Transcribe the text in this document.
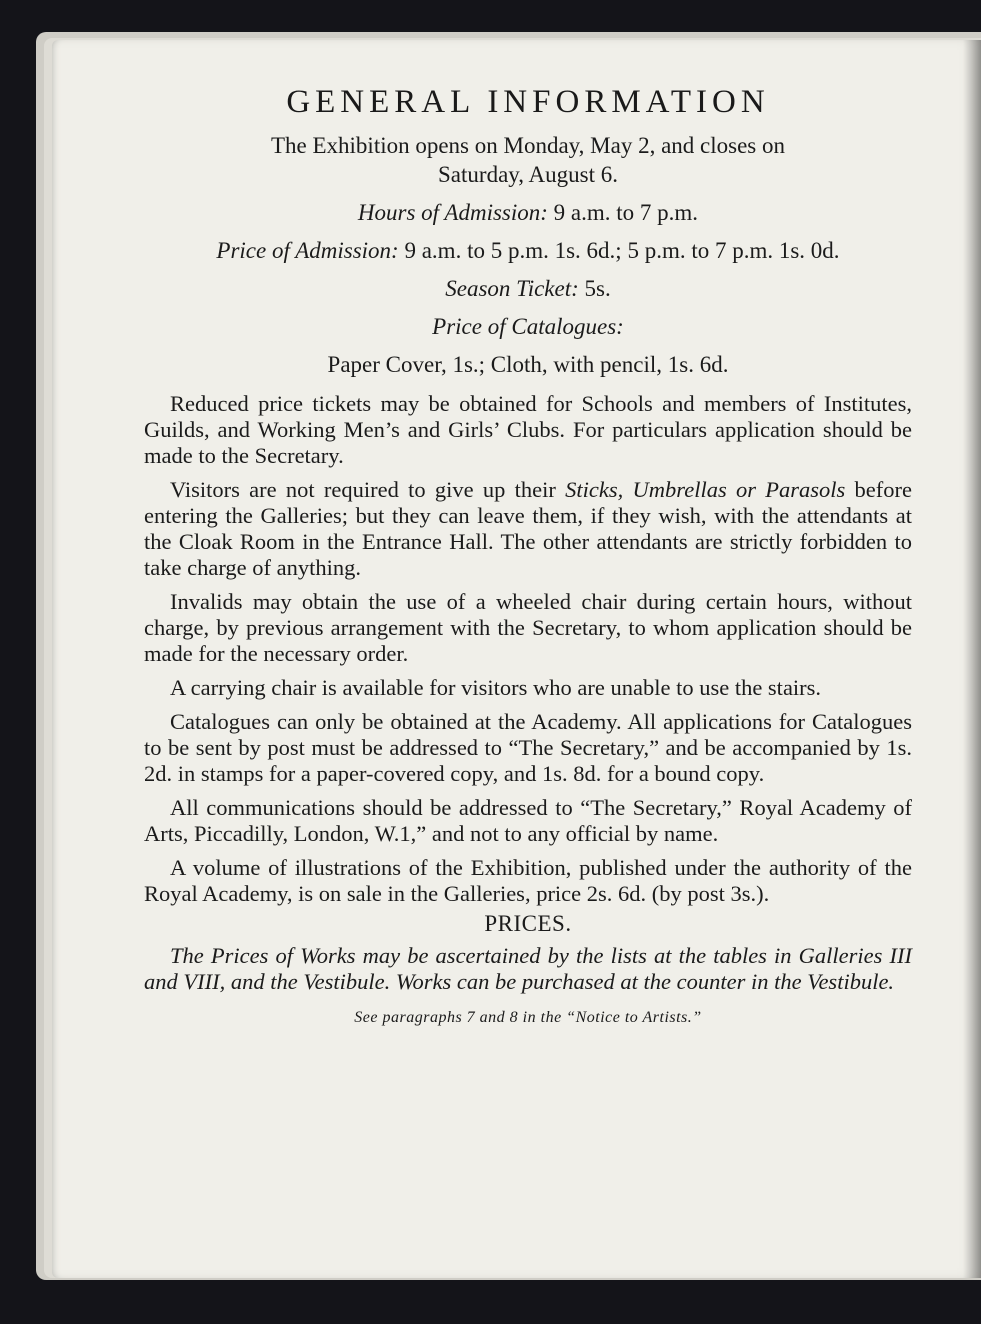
GENERAL INFORMATION
The Exhibition opens on Monday, May 2, and closes on
Saturday, August 6.
Hours of Admission: 9 a.m. to 7 p.m.
Price of Admission: 9 a.m. to 5 p.m. 1s. 6d.; 5 p.m. to 7 p.m. 1s. 0d.
Season Ticket: 5s.
Price of Catalogues:
Paper Cover, 1s.; Cloth, with pencil, 1s. 6d.

Reduced price tickets may be obtained for Schools and members of Institutes, Guilds, and Working Men’s and Girls’ Clubs. For particulars application should be made to the Secretary.

Visitors are not required to give up their Sticks, Umbrellas or Parasols before entering the Galleries; but they can leave them, if they wish, with the attendants at the Cloak Room in the Entrance Hall. The other attendants are strictly forbidden to take charge of anything.

Invalids may obtain the use of a wheeled chair during certain hours, without charge, by previous arrangement with the Secretary, to whom application should be made for the necessary order.

A carrying chair is available for visitors who are unable to use the stairs.

Catalogues can only be obtained at the Academy. All applications for Catalogues to be sent by post must be addressed to “The Secretary,” and be accompanied by 1s. 2d. in stamps for a paper-covered copy, and 1s. 8d. for a bound copy.

All communications should be addressed to “The Secretary,” Royal Academy of Arts, Piccadilly, London, W.1,” and not to any official by name.

A volume of illustrations of the Exhibition, published under the authority of the Royal Academy, is on sale in the Galleries, price 2s. 6d. (by post 3s.).

PRICES.

The Prices of Works may be ascertained by the lists at the tables in Galleries III and VIII, and the Vestibule. Works can be purchased at the counter in the Vestibule.

See paragraphs 7 and 8 in the “Notice to Artists.”
